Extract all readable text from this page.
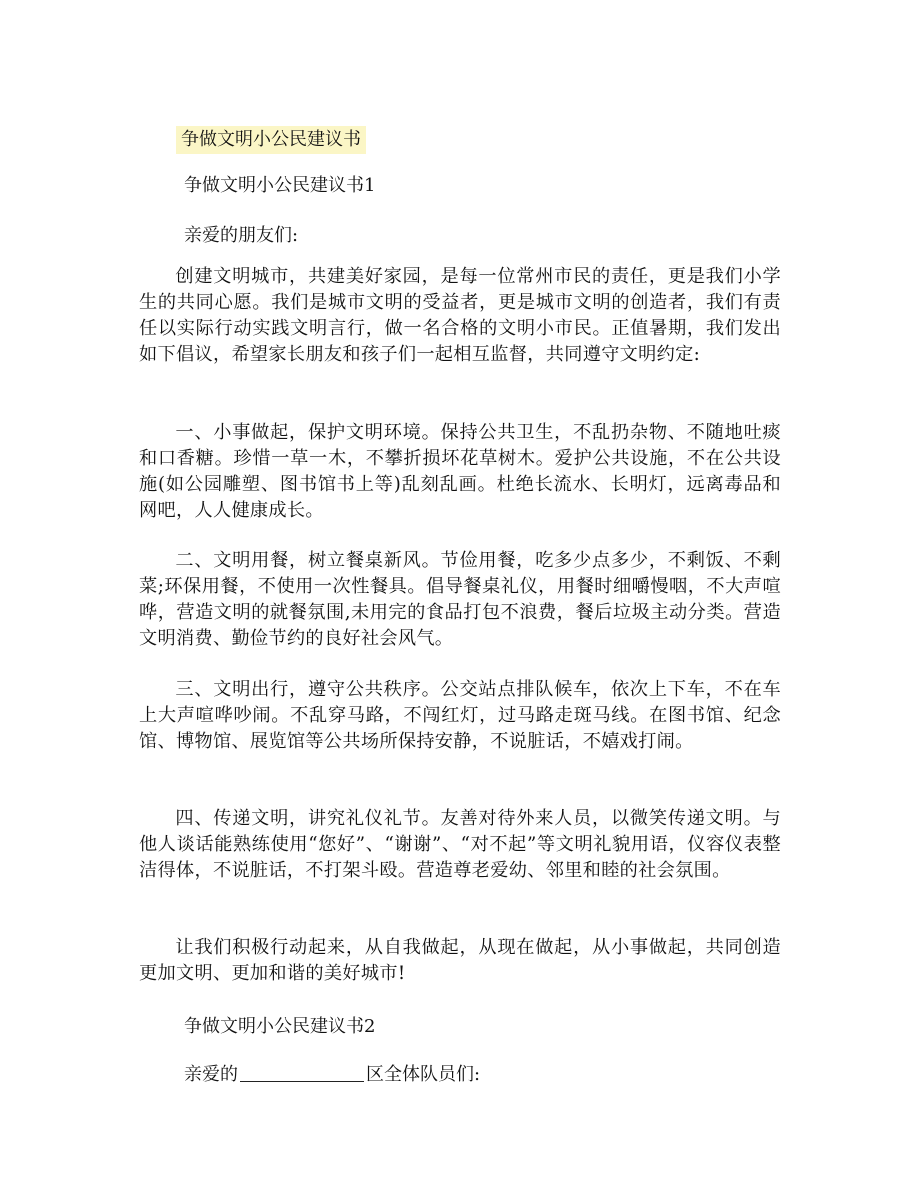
争做文明小公民建议书
争做文明小公民建议书1
亲爱的朋友们:

创建文明城市，共建美好家园，是每一位常州市民的责任，更是我们小学生的共同心愿。我们是城市文明的受益者，更是城市文明的创造者，我们有责任以实际行动实践文明言行，做一名合格的文明小市民。正值暑期，我们发出如下倡议，希望家长朋友和孩子们一起相互监督，共同遵守文明约定:

一、小事做起，保护文明环境。保持公共卫生，不乱扔杂物、不随地吐痰和口香糖。珍惜一草一木，不攀折损坏花草树木。爱护公共设施，不在公共设施(如公园雕塑、图书馆书上等)乱刻乱画。杜绝长流水、长明灯，远离毒品和网吧，人人健康成长。

二、文明用餐，树立餐桌新风。节俭用餐，吃多少点多少，不剩饭、不剩菜;环保用餐，不使用一次性餐具。倡导餐桌礼仪，用餐时细嚼慢咽，不大声喧哗，营造文明的就餐氛围,未用完的食品打包不浪费，餐后垃圾主动分类。营造文明消费、勤俭节约的良好社会风气。

三、文明出行，遵守公共秩序。公交站点排队候车，依次上下车，不在车上大声喧哗吵闹。不乱穿马路，不闯红灯，过马路走斑马线。在图书馆、纪念馆、博物馆、展览馆等公共场所保持安静，不说脏话，不嬉戏打闹。

四、传递文明，讲究礼仪礼节。友善对待外来人员，以微笑传递文明。与他人谈话能熟练使用“您好”、“谢谢”、“对不起”等文明礼貌用语，仪容仪表整洁得体，不说脏话，不打架斗殴。营造尊老爱幼、邻里和睦的社会氛围。

让我们积极行动起来，从自我做起，从现在做起，从小事做起，共同创造更加文明、更加和谐的美好城市!

争做文明小公民建议书2
亲爱的	区全体队员们:
